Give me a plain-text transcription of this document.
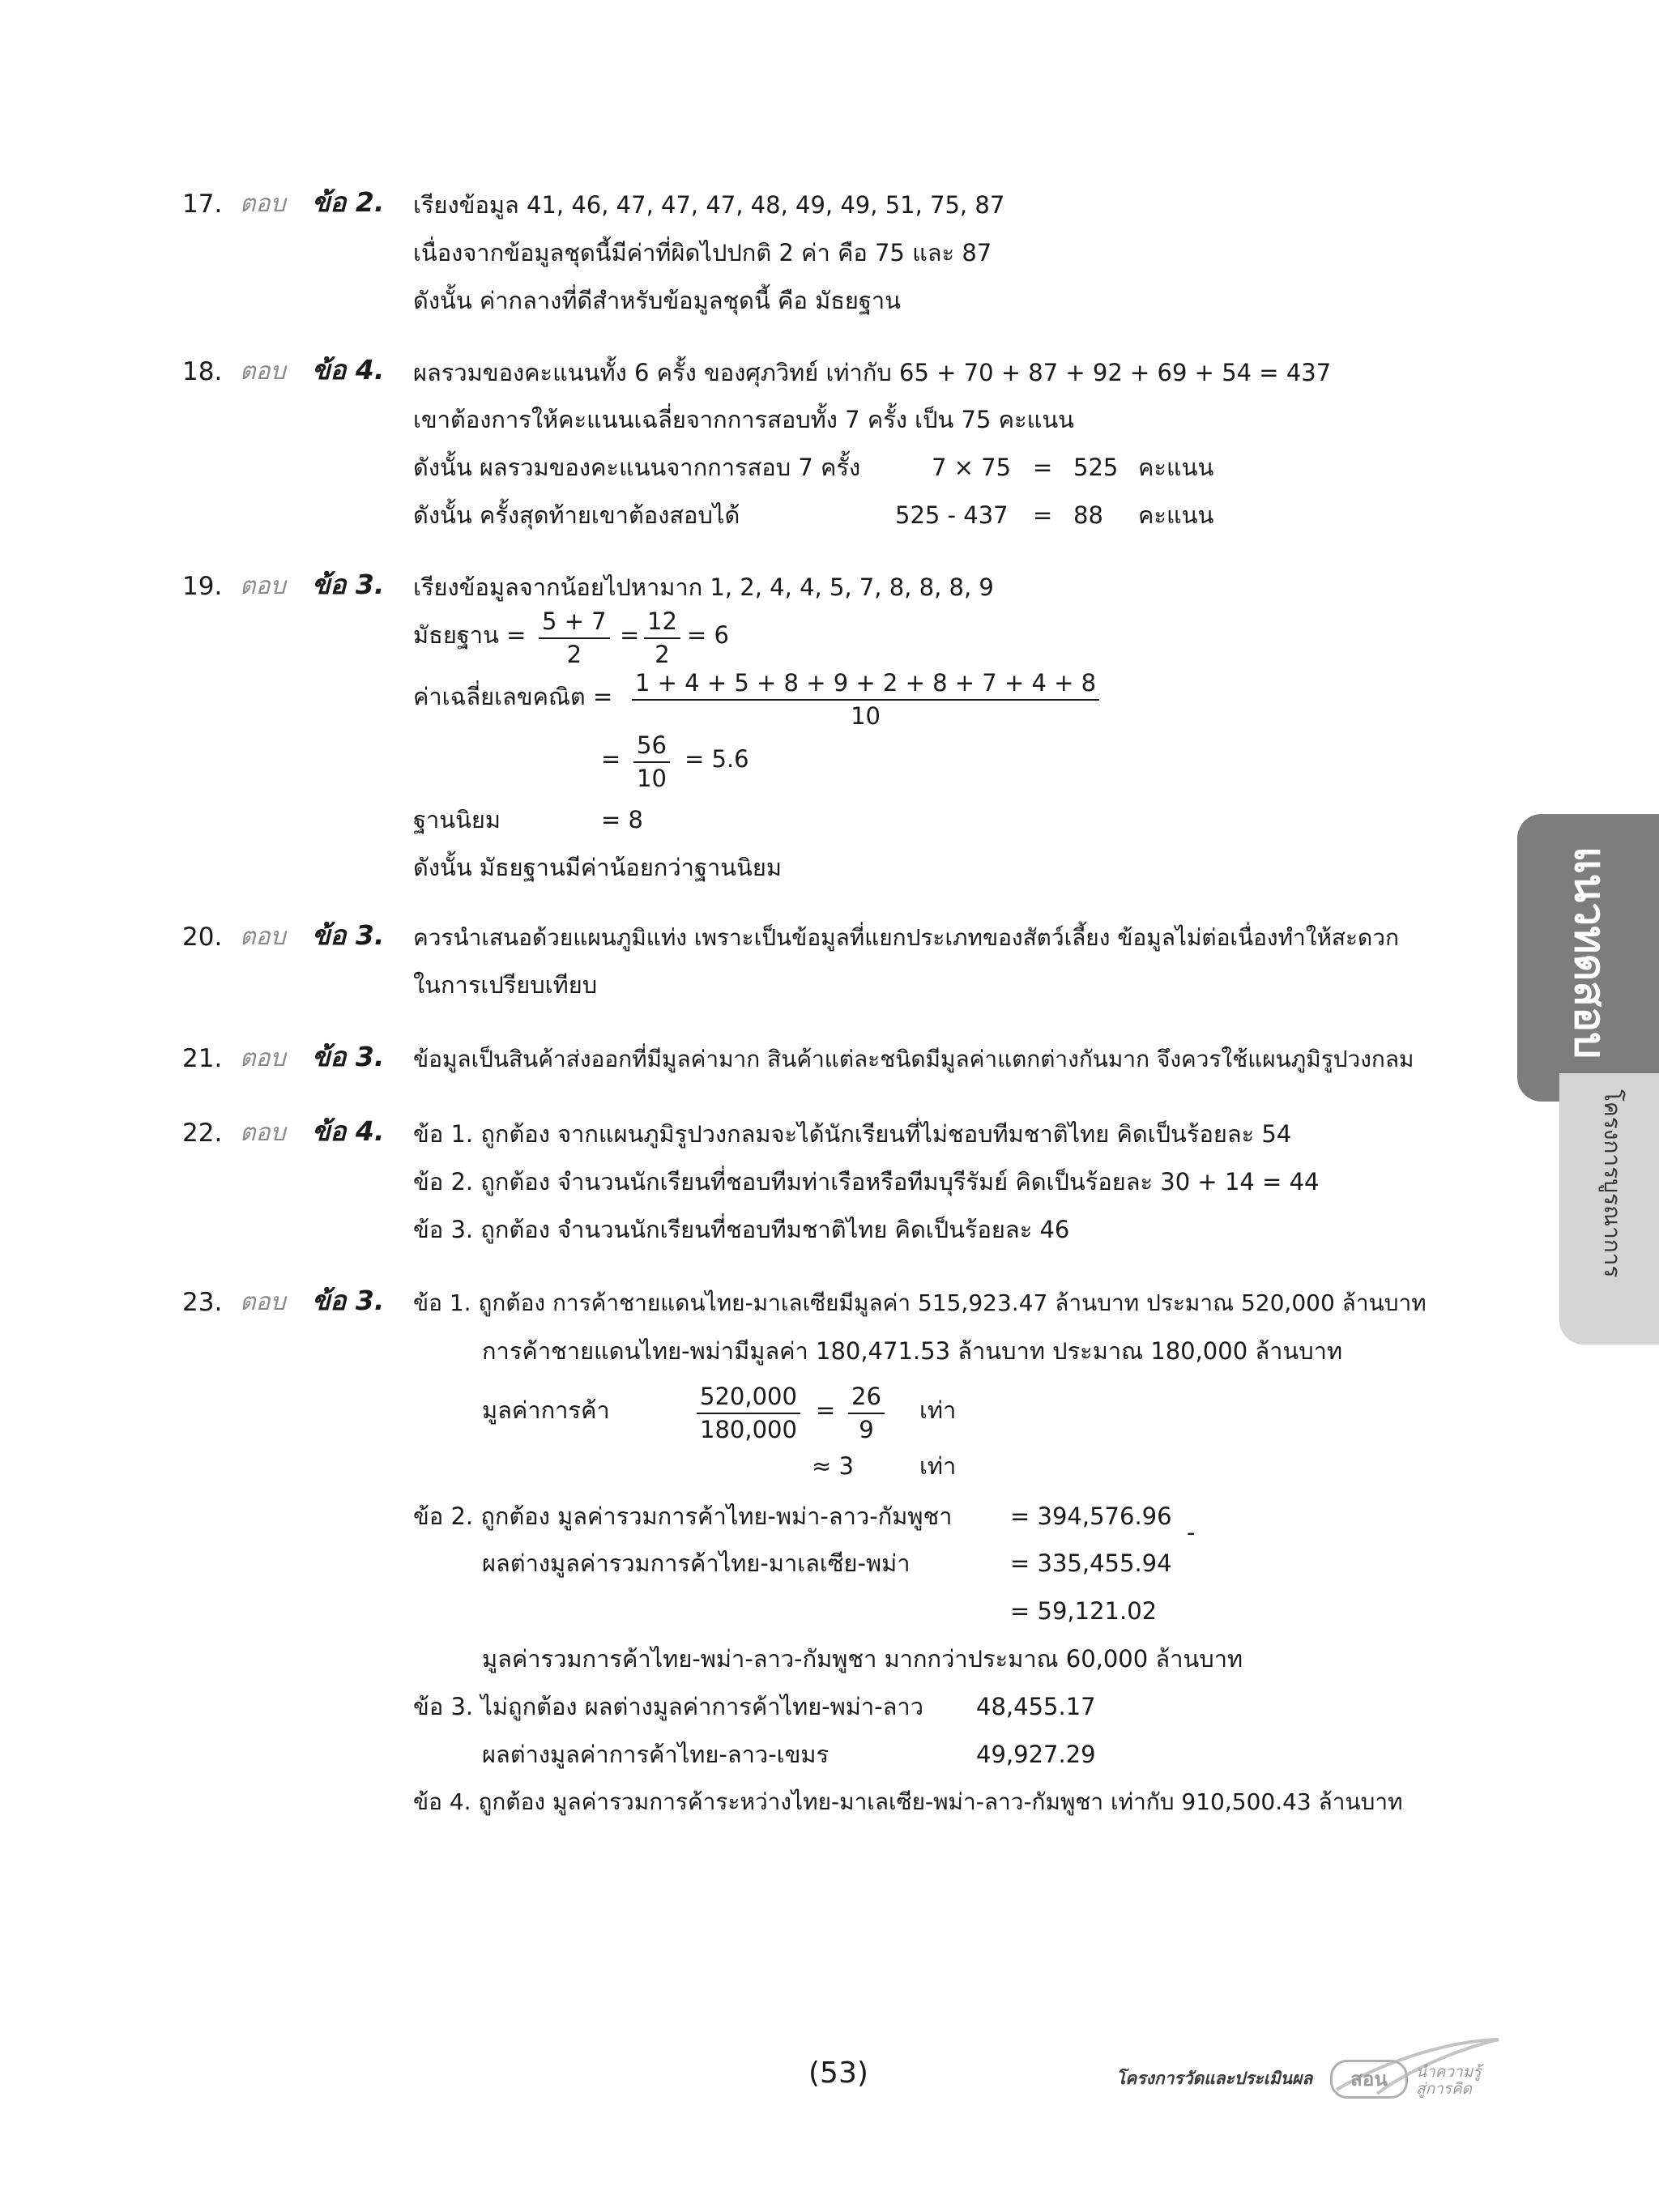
แนวทดสอบ
โครงการบูรณาการ
17. ตอบ ข้อ 2. เรียงข้อมูล 41, 46, 47, 47, 47, 48, 49, 49, 51, 75, 87
เนื่องจากข้อมูลชุดนี้มีค่าที่ผิดไปปกติ 2 ค่า คือ 75 และ 87
ดังนั้น ค่ากลางที่ดีสำหรับข้อมูลชุดนี้ คือ มัธยฐาน
18. ตอบ ข้อ 4. ผลรวมของคะแนนทั้ง 6 ครั้ง ของศุภวิทย์ เท่ากับ 65 + 70 + 87 + 92 + 69 + 54 = 437
เขาต้องการให้คะแนนเฉลี่ยจากการสอบทั้ง 7 ครั้ง เป็น 75 คะแนน
ดังนั้น ผลรวมของคะแนนจากการสอบ 7 ครั้ง	7 × 75 = 525 คะแนน
ดังนั้น ครั้งสุดท้ายเขาต้องสอบได้	525 - 437 = 88 คะแนน
19. ตอบ ข้อ 3. เรียงข้อมูลจากน้อยไปหามาก 1, 2, 4, 4, 5, 7, 8, 8, 8, 9
มัธยฐาน = $\frac{5 + 7}{2} = \frac{12}{2} = 6$
ค่าเฉลี่ยเลขคณิต = $\frac{1 + 4 + 5 + 8 + 9 + 2 + 8 + 7 + 4 + 8}{10}$
= $\frac{56}{10} = 5.6$
ฐานนิยม	= 8
ดังนั้น มัธยฐานมีค่าน้อยกว่าฐานนิยม
20. ตอบ ข้อ 3. ควรนำเสนอด้วยแผนภูมิแท่ง เพราะเป็นข้อมูลที่แยกประเภทของสัตว์เลี้ยง ข้อมูลไม่ต่อเนื่องทำให้สะดวก
ในการเปรียบเทียบ
21. ตอบ ข้อ 3. ข้อมูลเป็นสินค้าส่งออกที่มีมูลค่ามาก สินค้าแต่ละชนิดมีมูลค่าแตกต่างกันมาก จึงควรใช้แผนภูมิรูปวงกลม
22. ตอบ ข้อ 4. ข้อ 1. ถูกต้อง จากแผนภูมิรูปวงกลมจะได้นักเรียนที่ไม่ชอบทีมชาติไทย คิดเป็นร้อยละ 54
ข้อ 2. ถูกต้อง จำนวนนักเรียนที่ชอบทีมท่าเรือหรือทีมบุรีรัมย์ คิดเป็นร้อยละ 30 + 14 = 44
ข้อ 3. ถูกต้อง จำนวนนักเรียนที่ชอบทีมชาติไทย คิดเป็นร้อยละ 46
23. ตอบ ข้อ 3. ข้อ 1. ถูกต้อง การค้าชายแดนไทย-มาเลเซียมีมูลค่า 515,923.47 ล้านบาท ประมาณ 520,000 ล้านบาท
การค้าชายแดนไทย-พม่ามีมูลค่า 180,471.53 ล้านบาท ประมาณ 180,000 ล้านบาท
มูลค่าการค้า	$\frac{520,000}{180,000} = \frac{26}{9}$ เท่า
≈ 3	เท่า
ข้อ 2. ถูกต้อง มูลค่ารวมการค้าไทย-พม่า-ลาว-กัมพูชา = 394,576.96
-
ผลต่างมูลค่ารวมการค้าไทย-มาเลเซีย-พม่า	= 335,455.94
= 59,121.02
มูลค่ารวมการค้าไทย-พม่า-ลาว-กัมพูชา มากกว่าประมาณ 60,000 ล้านบาท
ข้อ 3. ไม่ถูกต้อง ผลต่างมูลค่าการค้าไทย-พม่า-ลาว 48,455.17
ผลต่างมูลค่าการค้าไทย-ลาว-เขมร	49,927.29
ข้อ 4. ถูกต้อง มูลค่ารวมการค้าระหว่างไทย-มาเลเซีย-พม่า-ลาว-กัมพูชา เท่ากับ 910,500.43 ล้านบาท
(53)	โครงการวัดและประเมินผล	สอน	นำความรู้
สู่การคิด
